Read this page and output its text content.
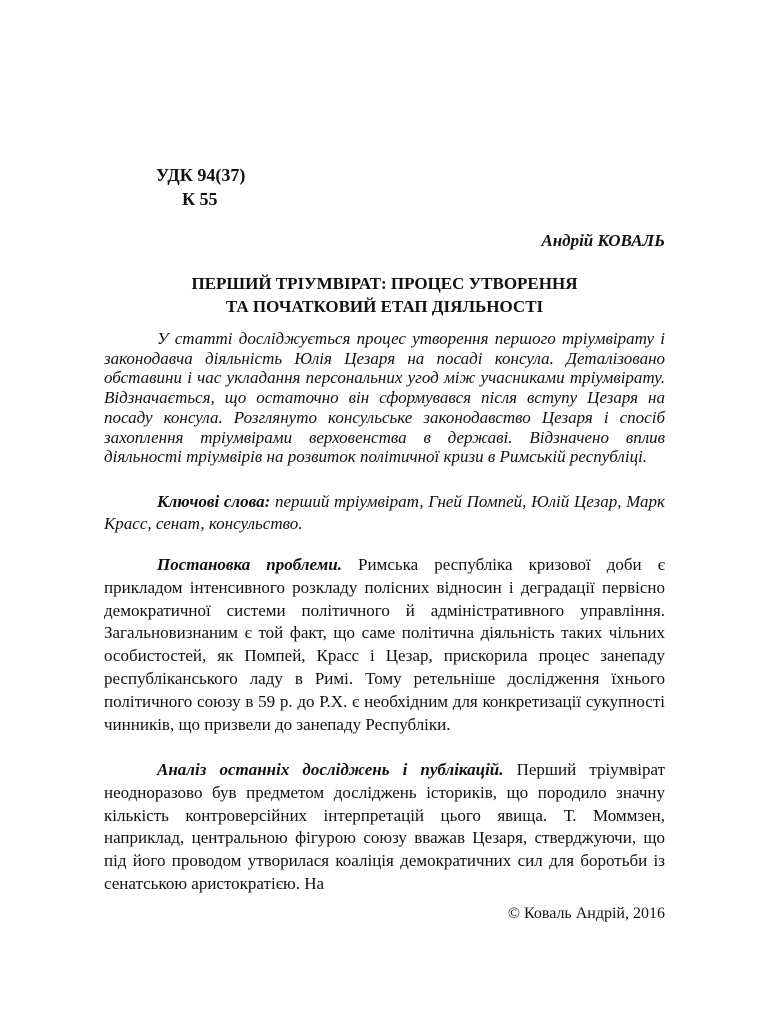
УДК 94(37)
К 55
Андрій КОВАЛЬ
ПЕРШИЙ ТРІУМВІРАТ: ПРОЦЕС УТВОРЕННЯ
ТА ПОЧАТКОВИЙ ЕТАП ДІЯЛЬНОСТІ

У статті досліджується процес утворення першого тріумвірату і законодавча діяльність Юлія Цезаря на посаді консула. Деталізовано обставини і час укладання персональних угод між учасниками тріумвірату. Відзначається, що остаточно він сформувався після вступу Цезаря на посаду консула. Розглянуто консульське законодавство Цезаря і спосіб захоплення тріумвірами верховенства в державі. Відзначено вплив діяльності тріумвірів на розвиток політичної кризи в Римській республіці.

Ключові слова: перший тріумвірат, Гней Помпей, Юлій Цезар, Марк Красс, сенат, консульство.

Постановка проблеми. Римська республіка кризової доби є прикладом інтенсивного розкладу полісних відносин і деградації первісно демократичної системи політичного й адміністративного управління. Загальновизнаним є той факт, що саме політична діяльність таких чільних особистостей, як Помпей, Красс і Цезар, прискорила процес занепаду республіканського ладу в Римі. Тому ретельніше дослідження їхнього політичного союзу в 59 р. до Р.Х. є необхідним для конкретизації сукупності чинників, що призвели до занепаду Республіки.

Аналіз останніх досліджень і публікацій. Перший тріумвірат неодноразово був предметом досліджень істориків, що породило значну кількість контроверсійних інтерпретацій цього явища. Т. Моммзен, наприклад, центральною фігурою союзу вважав Цезаря, стверджуючи, що під його проводом утворилася коаліція демократичних сил для боротьби із сенатською аристократією. На

© Коваль Андрій, 2016
